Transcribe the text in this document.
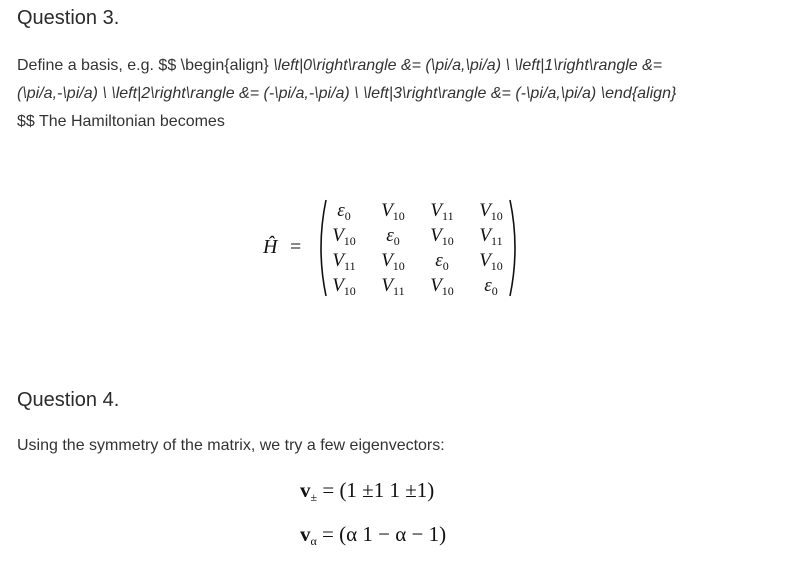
Question 3.
Define a basis, e.g. $$ \begin{align} \left|0\right\rangle &= (\pi/a,\pi/a) \ \left|1\right\rangle &=
(\pi/a,-\pi/a) \ \left|2\right\rangle &= (-\pi/a,-\pi/a) \ \left|3\right\rangle &= (-\pi/a,\pi/a) \end{align}
$$ The Hamiltonian becomes
Ĥ =
$\varepsilon_0$	$V_{10}$	$V_{11}$	$V_{10}$
$V_{10}$	$\varepsilon_0$	$V_{10}$	$V_{11}$
$V_{11}$	$V_{10}$	$\varepsilon_0$	$V_{10}$
$V_{10}$	$V_{11}$	$V_{10}$	$\varepsilon_0$
Question 4.
Using the symmetry of the matrix, we try a few eigenvectors:
v± = (1 ±1 1 ±1)
vα = (α 1 − α − 1)
